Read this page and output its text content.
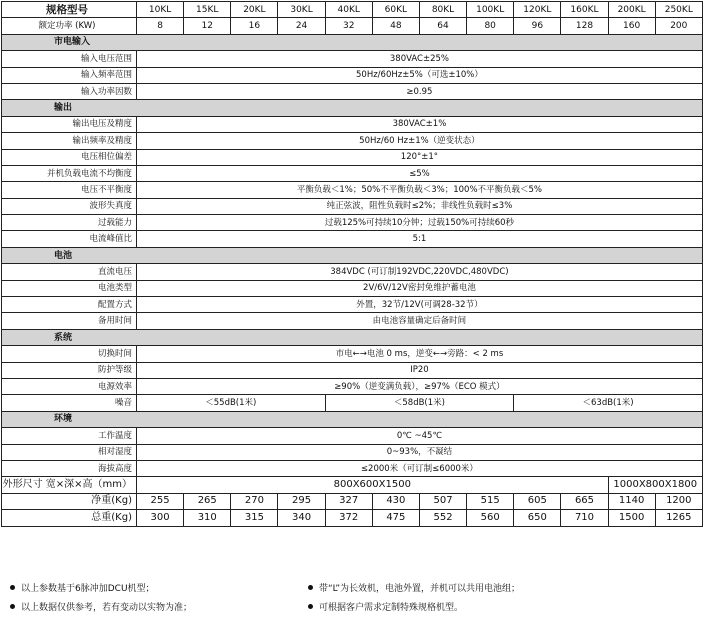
规格型号	10KL	15KL	20KL	30KL	40KL	60KL	80KL	100KL	120KL	160KL	200KL	250KL
额定功率 (KW)	8	12	16	24	32	48	64	80	96	128	160	200
市电输入												
输入电压范围	380VAC±25%											
输入频率范围	50Hz/60Hz±5%（可选±10%）											
输入功率因数	≥0.95											
输出												
输出电压及精度	380VAC±1%											
输出频率及精度	50Hz/60 Hz±1%（逆变状态）											
电压相位偏差	120°±1°											
并机负载电流不均衡度	≤5%											
电压不平衡度	平衡负载＜1%；50%不平衡负载＜3%；100%不平衡负载＜5%											
波形失真度	纯正弦波，阻性负载时≤2%；非线性负载时≤3%											
过载能力	过载125%可持续10分钟；过载150%可持续60秒											
电流峰值比	5:1											
电池												
直流电压	384VDC (可订制192VDC,220VDC,480VDC)											
电池类型	2V/6V/12V密封免维护蓄电池											
配置方式	外置，32节/12V(可调28-32节）											
备用时间	由电池容量确定后备时间											
系统												
切换时间	市电←→电池 0 ms，逆变←→旁路：< 2 ms											
防护等级	IP20											
电源效率	≥90%（逆变满负载），≥97%（ECO 模式）											
噪音	＜55dB(1米)				＜58dB(1米)				＜63dB(1米)			
环境												
工作温度	0℃ ~45℃											
相对湿度	0~93%，不凝结											
海拔高度	≤2000米（可订制≤6000米）											
外形尺寸 宽×深×高（mm）	800X600X1500										1000X800X1800	
净重(Kg)	255	265	270	295	327	430	507	515	605	665	1140	1200
总重(Kg)	300	310	315	340	372	475	552	560	650	710	1500	1265
以上参数基于6脉冲加DCU机型；	带“L”为长效机，电池外置，并机可以共用电池组；
以上数据仅供参考，若有变动以实物为准；	可根据客户需求定制特殊规格机型。
